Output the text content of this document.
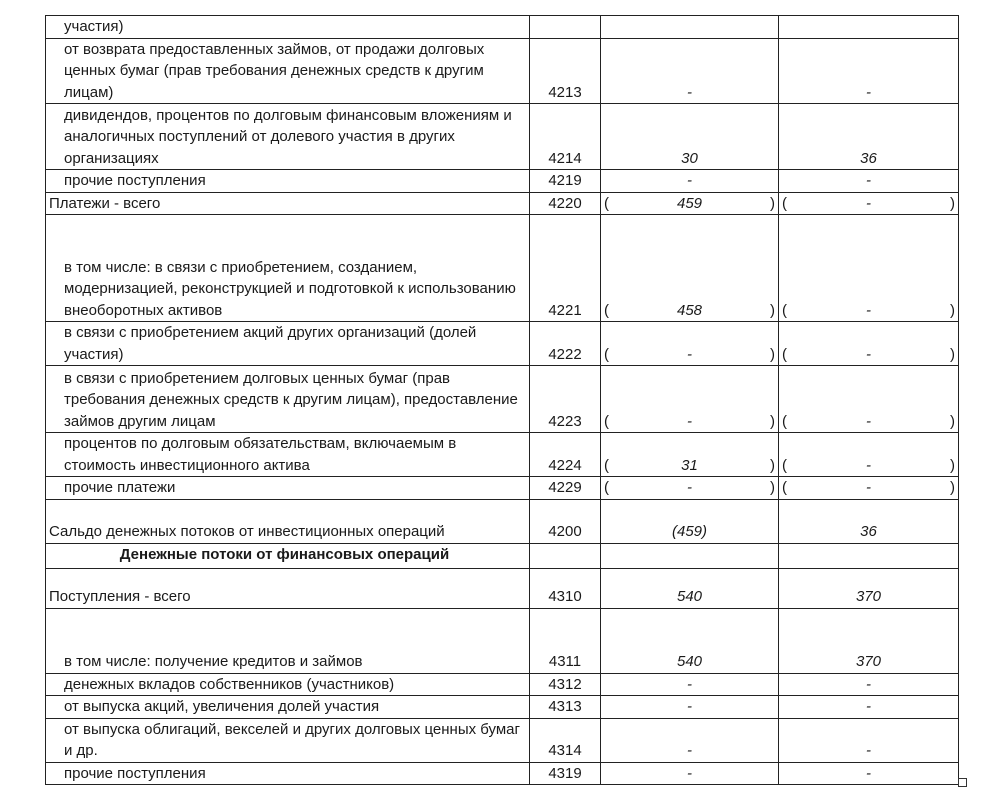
участия)			
от возврата предоставленных займов, от продажи долговых ценных бумаг (прав требования денежных средств к другим лицам)	4213	-	-
дивидендов, процентов по долговым финансовым вложениям и аналогичных поступлений от долевого участия в других организациях	4214	30	36
прочие поступления	4219	-	-
Платежи - всего	4220	( 459 )	( - )

в том числе: в связи с приобретением, созданием, модернизацией, реконструкцией и подготовкой к использованию внеоборотных активов	4221	( 458 )	( - )

в связи с приобретением акций других организаций (долей участия)	4222	( - )	( - )

в связи с приобретением долговых ценных бумаг (прав требования денежных средств к другим лицам), предоставление займов другим лицам	4223	( - )	( - )

процентов по долговым обязательствам, включаемым в стоимость инвестиционного актива	4224	( 31 )	( - )

прочие платежи	4229	( - )	( - )

Сальдо денежных потоков от инвестиционных операций	4200	(459)	36
Денежные потоки от финансовых операций			
Поступления - всего	4310	540	370
в том числе: получение кредитов и займов	4311	540	370
денежных вкладов собственников (участников)	4312	-	-
от выпуска акций, увеличения долей участия	4313	-	-
от выпуска облигаций, векселей и других долговых ценных бумаг и др.	4314	-	-
прочие поступления	4319	-	-
